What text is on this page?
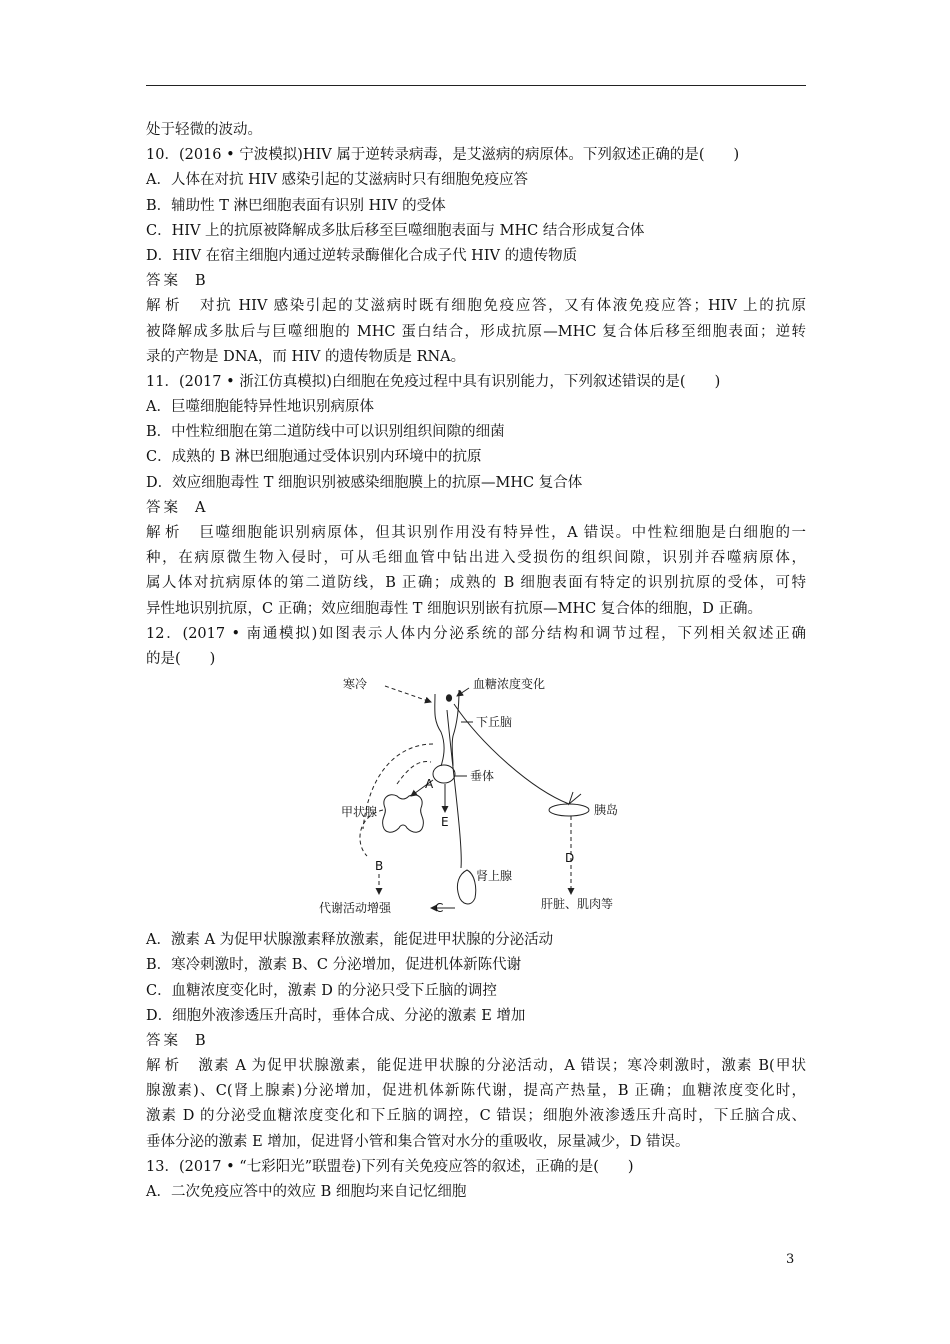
处于轻微的波动。
10．(2016 • 宁波模拟)HIV 属于逆转录病毒，是艾滋病的病原体。下列叙述正确的是(　　)
A．人体在对抗 HIV 感染引起的艾滋病时只有细胞免疫应答
B．辅助性 T 淋巴细胞表面有识别 HIV 的受体
C．HIV 上的抗原被降解成多肽后移至巨噬细胞表面与 MHC 结合形成复合体
D．HIV 在宿主细胞内通过逆转录酶催化合成子代 HIV 的遗传物质
答案 B
解析 对抗 HIV 感染引起的艾滋病时既有细胞免疫应答，又有体液免疫应答；HIV 上的抗原
被降解成多肽后与巨噬细胞的 MHC 蛋白结合，形成抗原—MHC 复合体后移至细胞表面；逆转
录的产物是 DNA，而 HIV 的遗传物质是 RNA。
11．(2017 • 浙江仿真模拟)白细胞在免疫过程中具有识别能力，下列叙述错误的是(　　)
A．巨噬细胞能特异性地识别病原体
B．中性粒细胞在第二道防线中可以识别组织间隙的细菌
C．成熟的 B 淋巴细胞通过受体识别内环境中的抗原
D．效应细胞毒性 T 细胞识别被感染细胞膜上的抗原—MHC 复合体
答案 A
解析 巨噬细胞能识别病原体，但其识别作用没有特异性，A 错误。中性粒细胞是白细胞的一
种，在病原微生物入侵时，可从毛细血管中钻出进入受损伤的组织间隙，识别并吞噬病原体，
属人体对抗病原体的第二道防线，B 正确；成熟的 B 细胞表面有特定的识别抗原的受体，可特
异性地识别抗原，C 正确；效应细胞毒性 T 细胞识别嵌有抗原—MHC 复合体的细胞，D 正确。
12．(2017 • 南通模拟)如图表示人体内分泌系统的部分结构和调节过程，下列相关叙述正确
的是(　　)
寒冷	血糖浓度变化
下丘脑
垂体
甲状腺	胰岛
肾上腺
代谢活动增强	肝脏、肌肉等
A
B
C
D
E
A．激素 A 为促甲状腺激素释放激素，能促进甲状腺的分泌活动
B．寒冷刺激时，激素 B、C 分泌增加，促进机体新陈代谢
C．血糖浓度变化时，激素 D 的分泌只受下丘脑的调控
D．细胞外液渗透压升高时，垂体合成、分泌的激素 E 增加
答案 B
解析 激素 A 为促甲状腺激素，能促进甲状腺的分泌活动，A 错误；寒冷刺激时，激素 B(甲状
腺激素)、C(肾上腺素)分泌增加，促进机体新陈代谢，提高产热量，B 正确；血糖浓度变化时，
激素 D 的分泌受血糖浓度变化和下丘脑的调控，C 错误；细胞外液渗透压升高时，下丘脑合成、
垂体分泌的激素 E 增加，促进肾小管和集合管对水分的重吸收，尿量减少，D 错误。
13．(2017 • “七彩阳光”联盟卷)下列有关免疫应答的叙述，正确的是(　　)
A．二次免疫应答中的效应 B 细胞均来自记忆细胞
3
